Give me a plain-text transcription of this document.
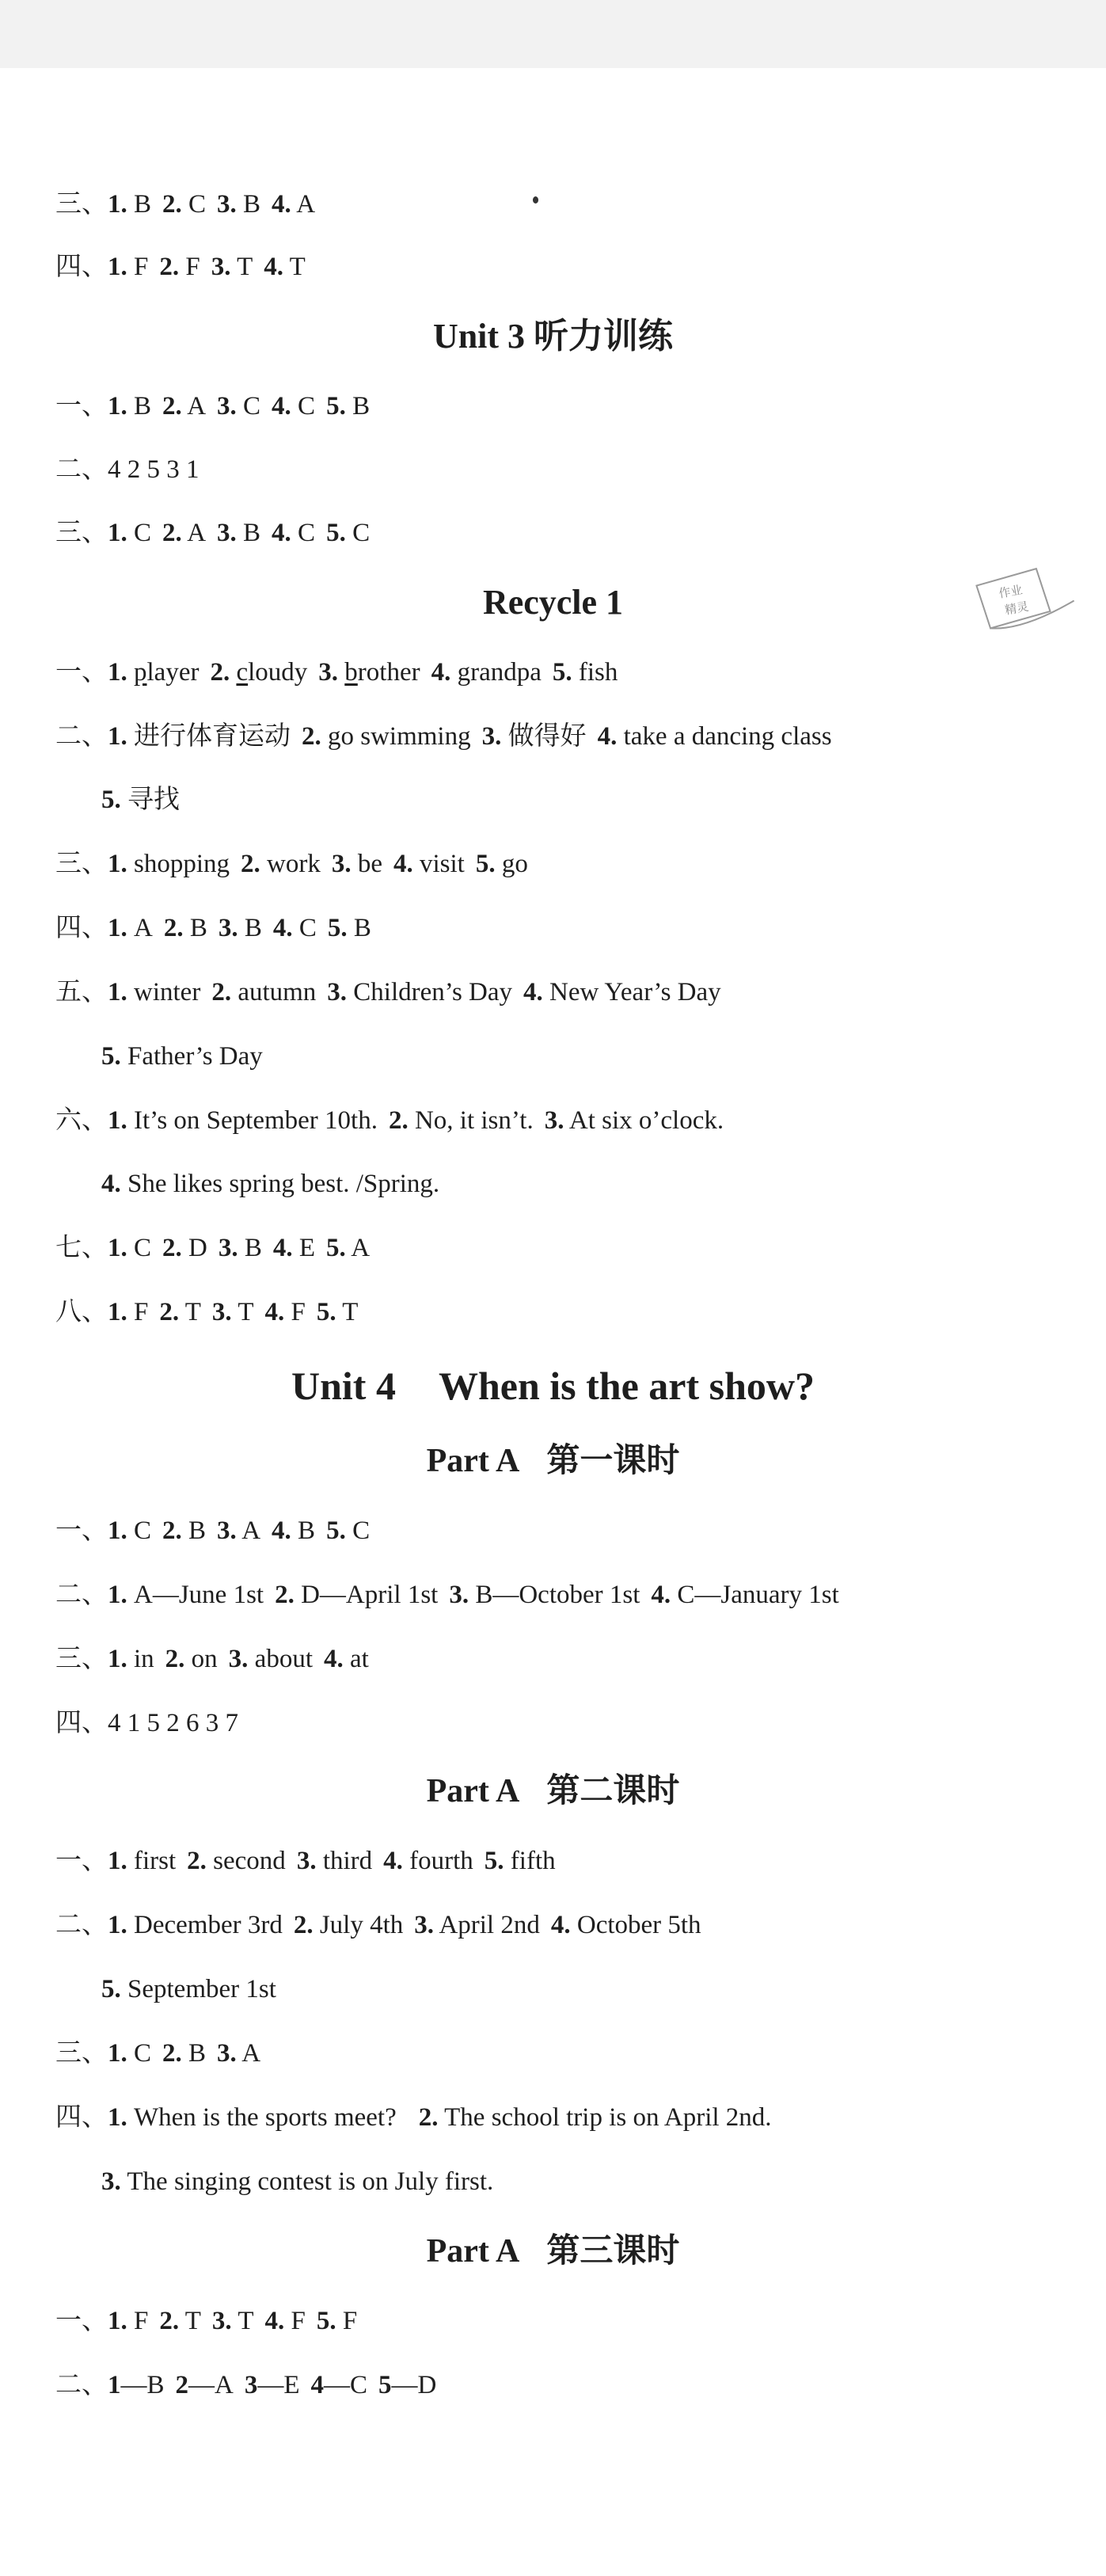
三、1. B 2. C 3. B 4. A
四、1. F 2. F 3. T 4. T
Unit 3 听力训练
一、1. B 2. A 3. C 4. C 5. B
二、4 2 5 3 1
三、1. C 2. A 3. B 4. C 5. C
Recycle 1	作业
精灵
一、1. player 2. cloudy 3. brother 4. grandpa 5. fish
二、1. 进行体育运动 2. go swimming 3. 做得好 4. take a dancing class
5. 寻找
三、1. shopping 2. work 3. be 4. visit 5. go
四、1. A 2. B 3. B 4. C 5. B
五、1. winter 2. autumn 3. Children’s Day 4. New Year’s Day
5. Father’s Day
六、1. It’s on September 10th. 2. No, it isn’t. 3. At six o’clock.
4. She likes spring best. /Spring.
七、1. C 2. D 3. B 4. E 5. A
八、1. F 2. T 3. T 4. F 5. T
Unit 4 When is the art show?
Part A 第一课时
一、1. C 2. B 3. A 4. B 5. C
二、1. A—June 1st 2. D—April 1st 3. B—October 1st 4. C—January 1st
三、1. in 2. on 3. about 4. at
四、4 1 5 2 6 3 7
Part A 第二课时
一、1. first 2. second 3. third 4. fourth 5. fifth
二、1. December 3rd 2. July 4th 3. April 2nd 4. October 5th
5. September 1st
三、1. C 2. B 3. A
四、1. When is the sports meet? 2. The school trip is on April 2nd.
3. The singing contest is on July first.
Part A 第三课时
一、1. F 2. T 3. T 4. F 5. F
二、1—B 2—A 3—E 4—C 5—D
